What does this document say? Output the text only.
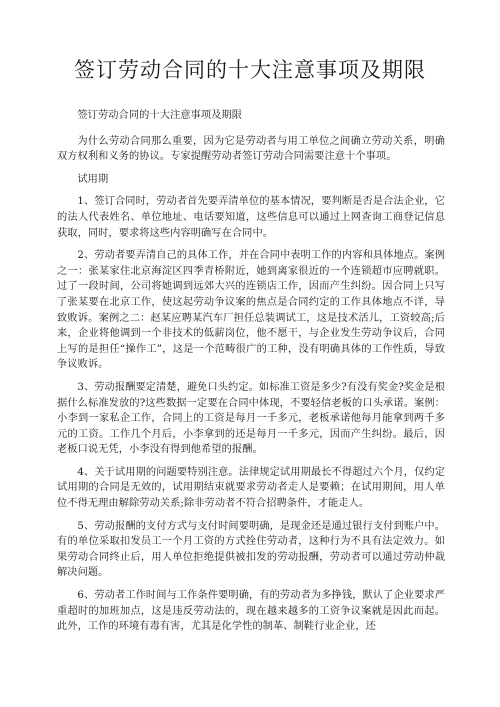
签订劳动合同的十大注意事项及期限

签订劳动合同的十大注意事项及期限

为什么劳动合同那么重要，因为它是劳动者与用工单位之间确立劳动关系，明确双方权利和义务的协议。专家提醒劳动者签订劳动合同需要注意十个事项。

试用期

1、签订合同时，劳动者首先要弄清单位的基本情况，要判断是否是合法企业，它的法人代表姓名、单位地址、电话要知道，这些信息可以通过上网查询工商登记信息获取，同时，要求将这些内容明确写在合同中。

2、劳动者要弄清自己的具体工作，并在合同中表明工作的内容和具体地点。案例之一：张某家住北京海淀区四季青桥附近，她到离家很近的一个连锁超市应聘就职。过了一段时间，公司将她调到远郊大兴的连锁店工作，因而产生纠纷。因合同上只写了张某要在北京工作，使这起劳动争议案的焦点是合同约定的工作具体地点不详，导致败诉。案例之二：赵某应聘某汽车厂担任总装调试工，这是技术活儿，工资较高;后来，企业将他调到一个非技术的低薪岗位，他不愿干，与企业发生劳动争议后，合同上写的是担任“操作工”，这是一个范畴很广的工种，没有明确具体的工作性质，导致争议败诉。

3、劳动报酬要定清楚，避免口头约定。如标准工资是多少?有没有奖金?奖金是根据什么标准发放的?这些数据一定要在合同中体现，不要轻信老板的口头承诺。案例：小李到一家私企工作，合同上的工资是每月一千多元，老板承诺他每月能拿到两千多元的工资。工作几个月后，小李拿到的还是每月一千多元，因而产生纠纷。最后，因老板口说无凭，小李没有得到他希望的报酬。

4、关于试用期的问题要特别注意。法律规定试用期最长不得超过六个月，仅约定试用期的合同是无效的，试用期结束就要求劳动者走人是要赖；在试用期间，用人单位不得无理由解除劳动关系;除非劳动者不符合招聘条件，才能走人。

5、劳动报酬的支付方式与支付时间要明确，是现金还是通过银行支付到账户中。有的单位采取扣发员工一个月工资的方式拴住劳动者，这种行为不具有法定效力。如果劳动合同终止后，用人单位拒绝提供被扣发的劳动报酬，劳动者可以通过劳动仲裁解决问题。

6、劳动者工作时间与工作条件要明确，有的劳动者为多挣钱，默认了企业要求严重超时的加班加点，这是违反劳动法的，现在越来越多的工资争议案就是因此而起。此外，工作的环境有毒有害，尤其是化学性的制革、制鞋行业企业，还
